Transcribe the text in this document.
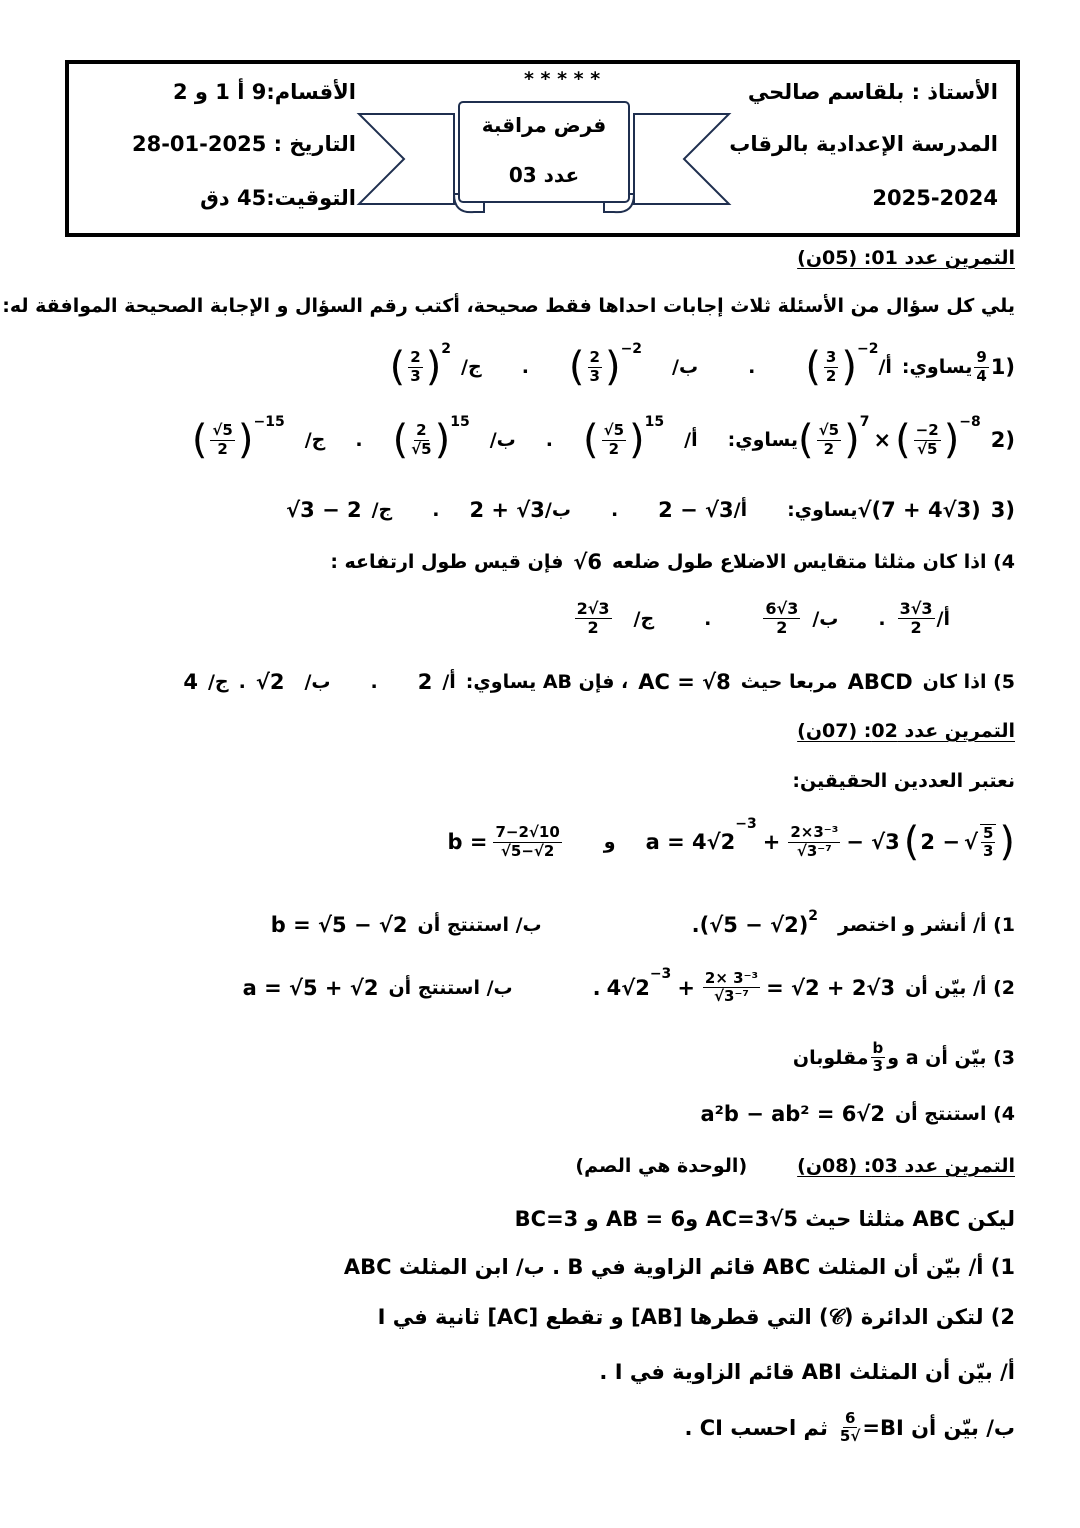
الأستاذ : بلقاسم صالحي
المدرسة الإعدادية بالرقاب
2025-2024
الأقسام:9 أ 1 و 2
التاريخ : 2025-01-28
التوقيت:45 دق
* * * * *
فرض مراقبة
عدد 03
التمرين عدد 01: (05ن)
يلي كل سؤال من الأسئلة ثلاث إجابات احداها فقط صحيحة، أكتب رقم السؤال و الإجابة الصحيحة الموافقة له:
1)
$\frac{9}{4}$
يساوي:
أ/
( 3
2
)
$^{-2}$
.
ب/
( 2
3
)
$^{-2}$
.
ج/
( 2
3
)
$^2$
2)
( √5
2
)
$^7$
× ( −2
√5
)
$^{-8}$
يساوي:
أ/
( √5
2
)
$^{15}$
.
ب/
( 2
√5
)
$^{15}$
.
ج/
( √5
2
)
$^{-15}$
3)
√(7 + 4√3)
يساوي:
أ/
2 − √3
.
ب/
2 + √3
.
ج/
√3 − 2
4) اذا كان مثلثا متقايس الاضلاع طول ضلعه
√6
فإن قيس طول ارتفاعه :
أ/
3√3
2
.
ب/
3√6
2
.
ج/
3√2
2
5) اذا كان
ABCD
مربعا حيث
AC = √8
، فإن AB يساوي:
أ/
2
.
ب/
√2
.
ج/
4
التمرين عدد 02: (07ن)
نعتبر العددين الحقيقين:
a = 4√2
$^{-3}$
+ $\frac{\text{2×3⁻³}}{\text{√3⁻⁷}} - √3$ ( 2 − √ 5
3
)
و
$b = \frac{7-2√10}{√5-√2}$
1) أ/ أنشر و اختصر
. $(√5 - √2)^2$
ب/ استنتج أن
b = √5 − √2
2) أ/ بيّن أن
. 4√2
$^{-3}$
+ $\frac{\text{2× 3⁻³}}{\text{√3⁻⁷}} = √2 + 2√3$
ب/ استنتج أن
a = √5 + √2
3) بيّن أن a و
b
3
مقلوبان
4) استنتج أن
a²b − ab² = 6√2
التمرين عدد 03: (08ن)
(الوحدة هي الصم)
ليكن ABC مثلثا حيث AC=3√5 وAB = 6 و BC=3
1) أ/ بيّن أن المثلث ABC قائم الزاوية في B . ب/ ابن المثلث ABC
2) لتكن الدائرة (𝒞) التي قطرها [AB] و تقطع [AC] ثانية في I
أ/ بيّن أن المثلث ABI قائم الزاوية في I .
ب/ بيّن أن BI=
$\frac{6}{√5}$
ثم احسب CI .
